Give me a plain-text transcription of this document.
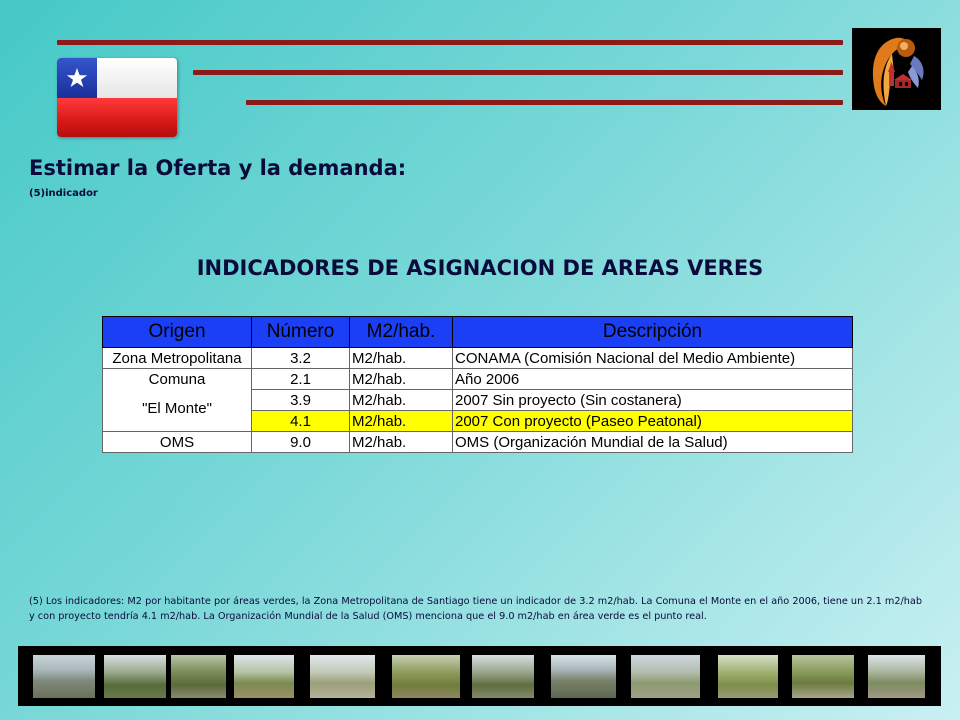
Estimar la Oferta y la demanda:
(5)indicador
INDICADORES DE ASIGNACION DE AREAS VERES
Origen	Número	M2/hab.	Descripción
Zona Metropolitana	3.2	M2/hab.	CONAMA (Comisión Nacional del Medio Ambiente)
Comuna	2.1	M2/hab.	Año 2006
"El Monte"	3.9	M2/hab.	2007 Sin proyecto (Sin costanera)
	4.1	M2/hab.	2007 Con proyecto (Paseo Peatonal)
OMS	9.0	M2/hab.	OMS (Organización Mundial de la Salud)

(5) Los indicadores: M2 por habitante por áreas verdes, la Zona Metropolitana de Santiago tiene un indicador de 3.2 m2/hab. La Comuna el Monte en el año 2006, tiene un 2.1 m2/hab y con proyecto tendría 4.1 m2/hab. La Organización Mundial de la Salud (OMS) menciona que el 9.0 m2/hab en área verde es el punto real.
